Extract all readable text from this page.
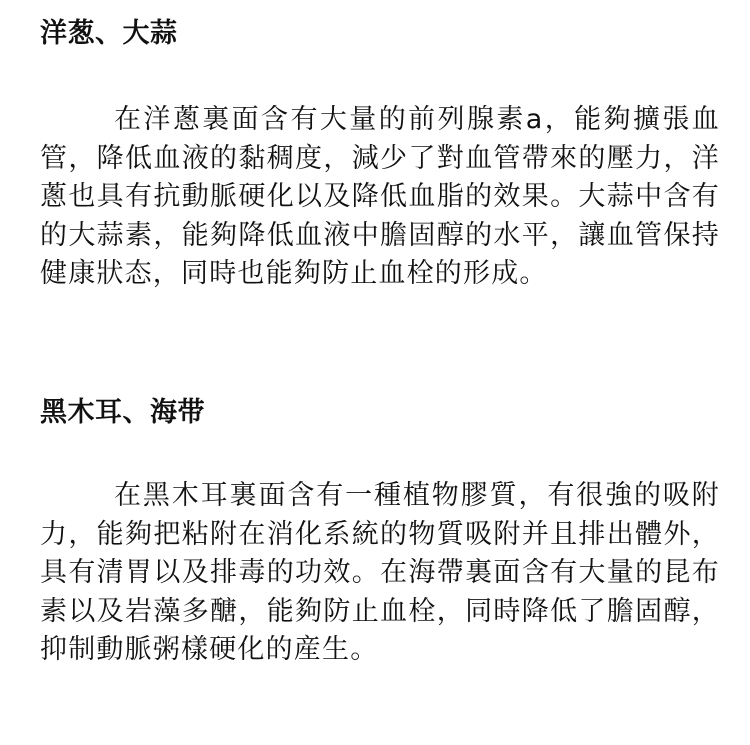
洋葱、大蒜

在洋蔥裏面含有大量的前列腺素a，能夠擴張血管，降低血液的黏稠度，減少了對血管帶來的壓力，洋蔥也具有抗動脈硬化以及降低血脂的效果。大蒜中含有的大蒜素，能夠降低血液中膽固醇的水平，讓血管保持健康狀态，同時也能夠防止血栓的形成。

黑木耳、海带

在黑木耳裏面含有一種植物膠質，有很強的吸附力，能夠把粘附在消化系統的物質吸附并且排出體外，具有清胃以及排毒的功效。在海帶裏面含有大量的昆布素以及岩藻多醣，能夠防止血栓，同時降低了膽固醇，抑制動脈粥樣硬化的産生。
